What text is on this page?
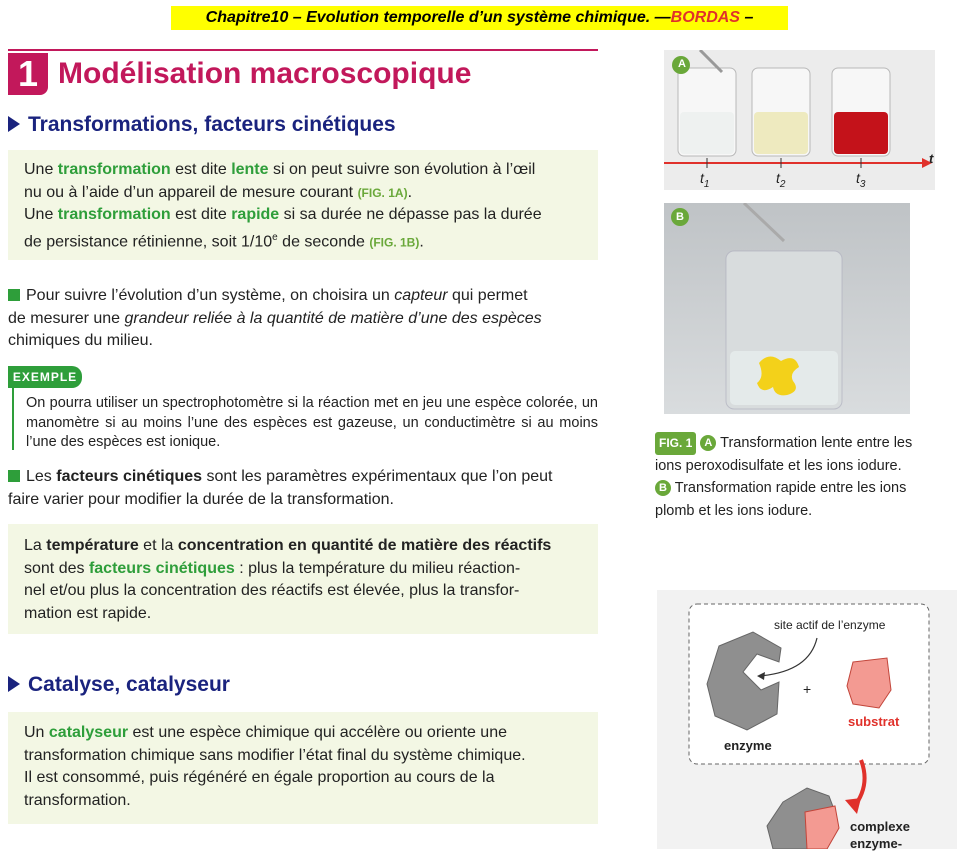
Chapitre10 – Evolution temporelle d’un système chimique. —BORDAS –
1 Modélisation macroscopique
Transformations, facteurs cinétiques
Une transformation est dite lente si on peut suivre son évolution à l’œil
nu ou à l’aide d’un appareil de mesure courant (FIG. 1A).
Une transformation est dite rapide si sa durée ne dépasse pas la durée
de persistance rétinienne, soit 1/10e de seconde (FIG. 1B).
Pour suivre l’évolution d’un système, on choisira un capteur qui permet
de mesurer une grandeur reliée à la quantité de matière d’une des espèces
chimiques du milieu.
EXEMPLE
On pourra utiliser un spectrophotomètre si la réaction met en jeu une espèce colorée, un manomètre si au moins l’une des espèces est gazeuse, un conductimètre si au moins l’une des espèces est ionique.
Les facteurs cinétiques sont les paramètres expérimentaux que l’on peut
faire varier pour modifier la durée de la transformation.
La température et la concentration en quantité de matière des réactifs
sont des facteurs cinétiques : plus la température du milieu réaction-
nel et/ou plus la concentration des réactifs est élevée, plus la transfor-
mation est rapide.
Catalyse, catalyseur
Un catalyseur est une espèce chimique qui accélère ou oriente une
transformation chimique sans modifier l’état final du système chimique.
Il est consommé, puis régénéré en égale proportion au cours de la
transformation.
A
t
$t_1$	$t_2$	$t_3$
B
FIG. 1 A Transformation lente entre les
ions peroxodisulfate et les ions iodure.
B Transformation rapide entre les ions
plomb et les ions iodure.
site actif de l’enzyme
+
substrat
enzyme
complexe
enzyme-
